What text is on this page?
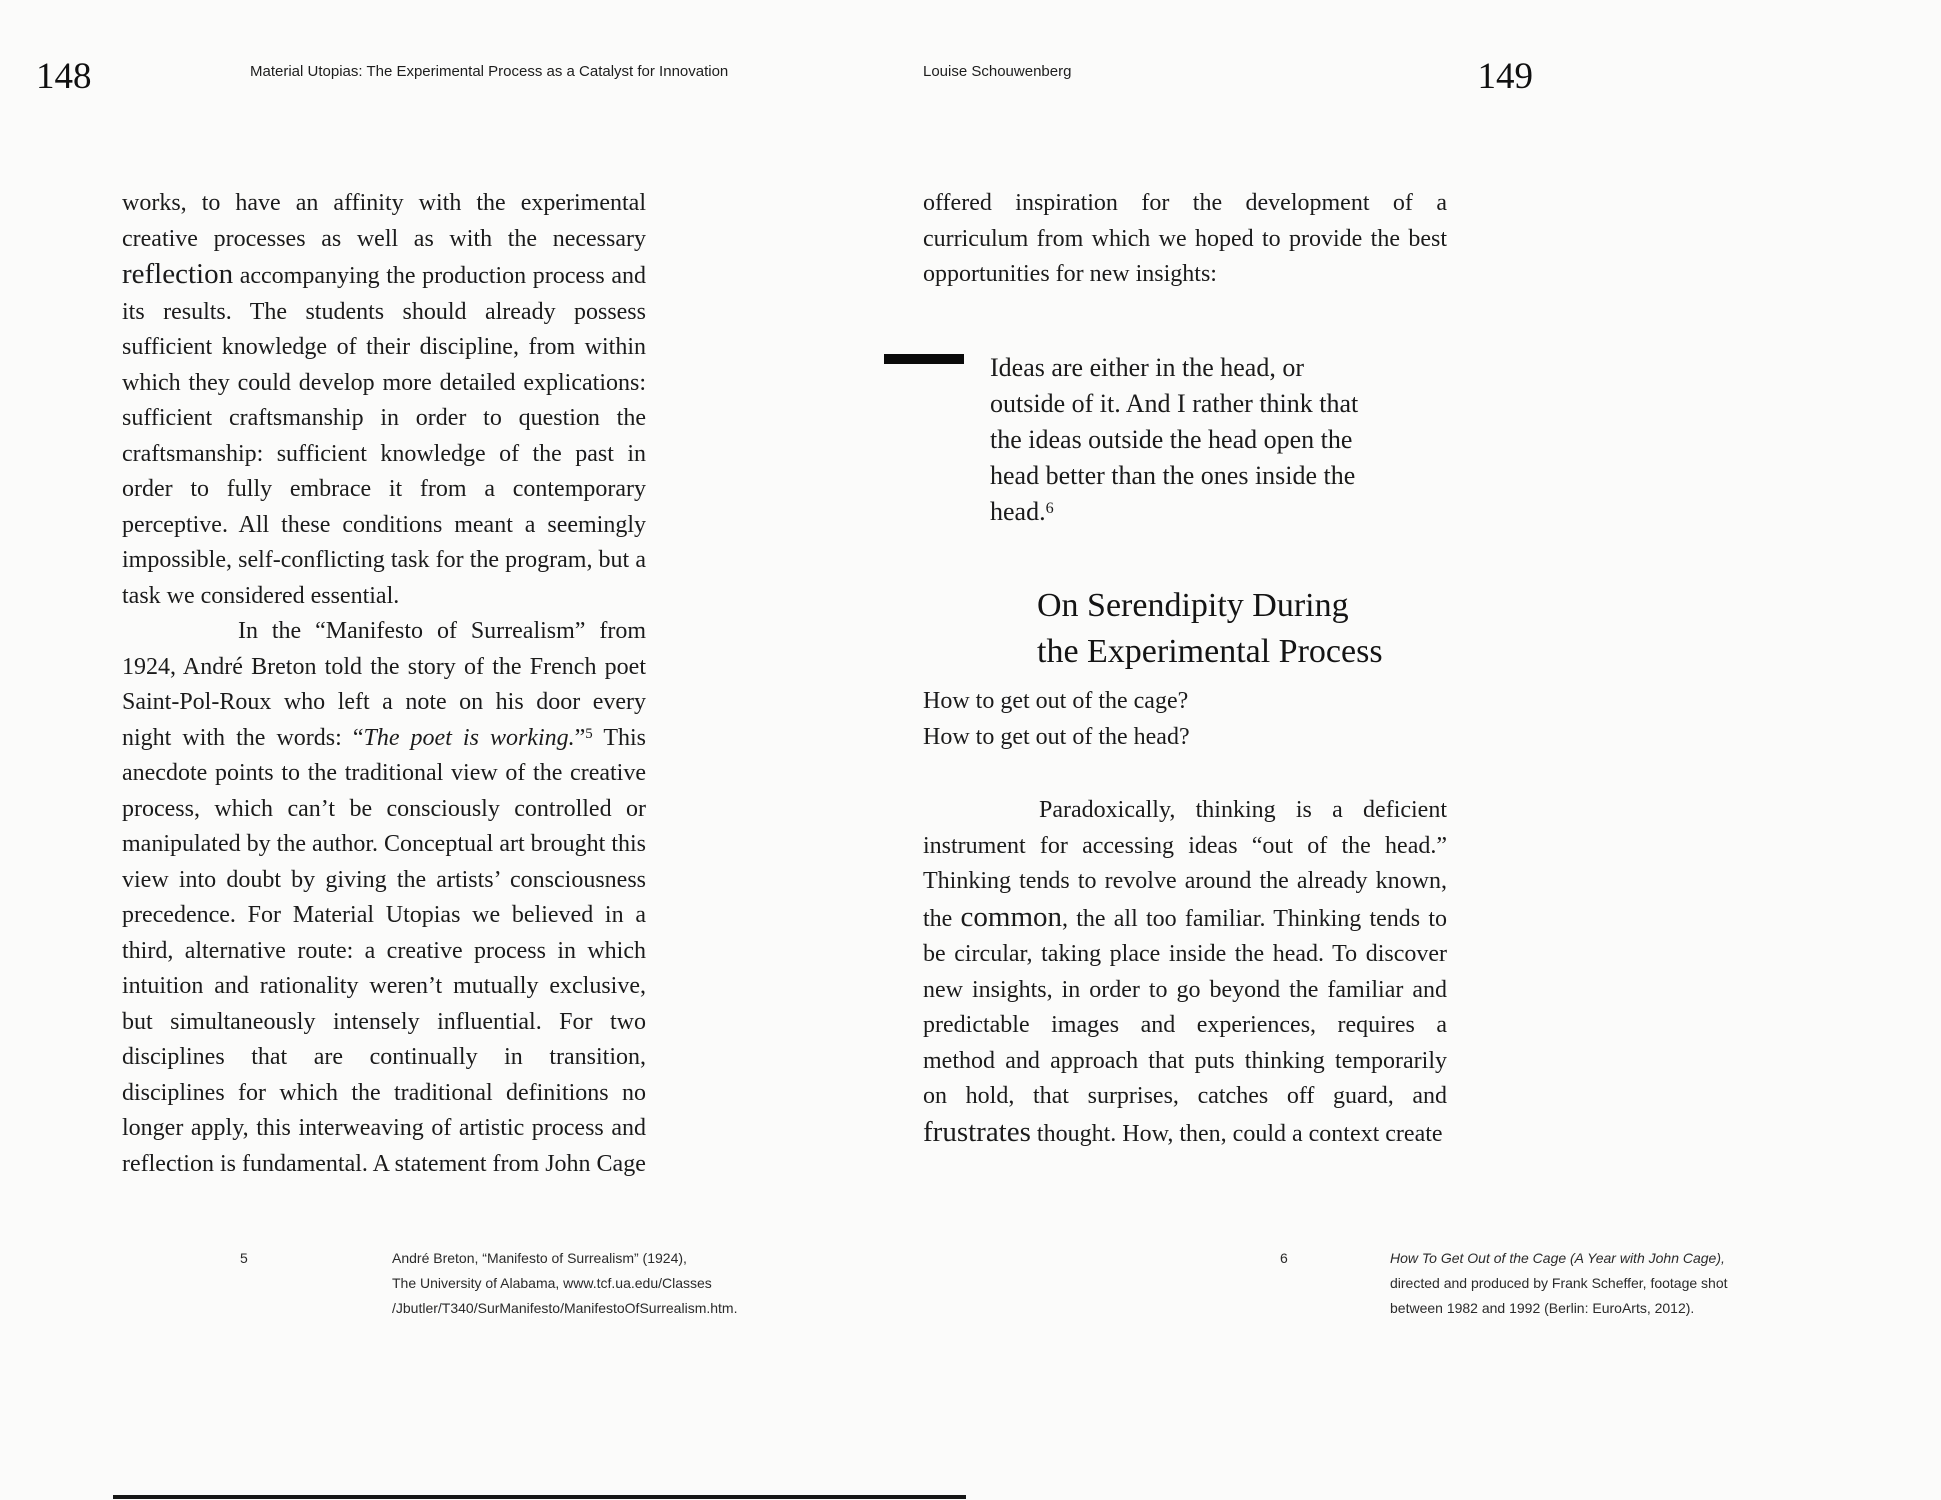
148	Material Utopias: The Experimental Process as a Catalyst for Innovation	Louise Schouwenberg	149

works, to have an affinity with the experimental creative processes as well as with the necessary reflection accompanying the production process and its results. The students should already possess sufficient knowledge of their discipline, from within which they could develop more detailed explications: sufficient craftsmanship in order to question the craftsmanship: sufficient knowledge of the past in order to fully embrace it from a contemporary perceptive. All these conditions meant a seemingly impossible, self-conflicting task for the program, but a task we considered essential.

In the “Manifesto of Surrealism” from 1924, André Breton told the story of the French poet Saint-Pol-Roux who left a note on his door every night with the words: “The poet is working.”$^5$ This anecdote points to the traditional view of the creative process, which can’t be consciously controlled or manipulated by the author. Conceptual art brought this view into doubt by giving the artists’ consciousness precedence. For Material Utopias we believed in a third, alternative route: a creative process in which intuition and rationality weren’t mutually exclusive, but simultaneously intensely influential. For two disciplines that are continually in transition, disciplines for which the traditional definitions no longer apply, this interweaving of artistic process and reflection is fundamental. A statement from John Cage

5	André Breton, “Manifesto of Surrealism” (1924),
The University of Alabama, www.tcf.ua.edu/Classes
/Jbutler/T340/SurManifesto/ManifestoOfSurrealism.htm.

offered inspiration for the development of a curriculum from which we hoped to provide the best opportunities for new insights:

Ideas are either in the head, or
outside of it. And I rather think that
the ideas outside the head open the
head better than the ones inside the
head.$^6$
On Serendipity During
the Experimental Process
How to get out of the cage?
How to get out of the head?

Paradoxically, thinking is a deficient instrument for accessing ideas “out of the head.” Thinking tends to revolve around the already known, the common, the all too familiar. Thinking tends to be circular, taking place inside the head. To discover new insights, in order to go beyond the familiar and predictable images and experiences, requires a method and approach that puts thinking temporarily on hold, that surprises, catches off guard, and frustrates thought. How, then, could a context create

6	How To Get Out of the Cage (A Year with John Cage),
directed and produced by Frank Scheffer, footage shot
between 1982 and 1992 (Berlin: EuroArts, 2012).
